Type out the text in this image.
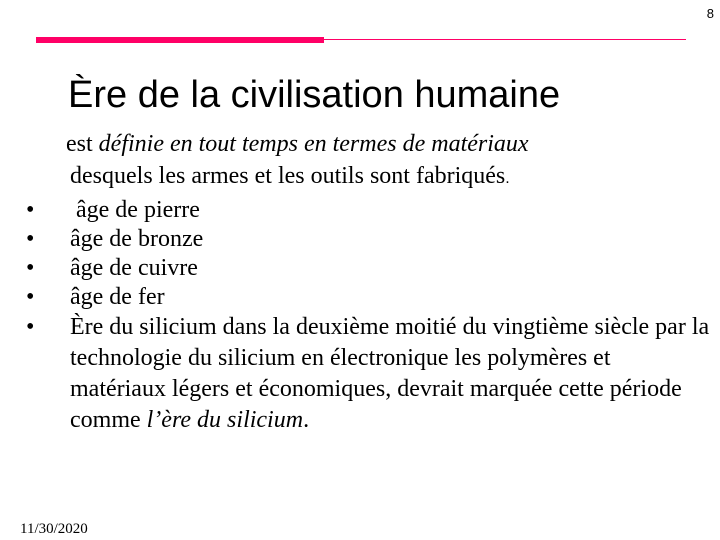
8
Ère de la civilisation humaine
est définie en tout temps en termes de matériaux
desquels les armes et les outils sont fabriqués.
• âge de pierre
• âge de bronze
• âge de cuivre
• âge de fer
• Ère du silicium dans la deuxième moitié du vingtième siècle par la technologie du silicium en électronique les polymères et matériaux légers et économiques, devrait marquée cette période comme l’ère du silicium.
11/30/2020
